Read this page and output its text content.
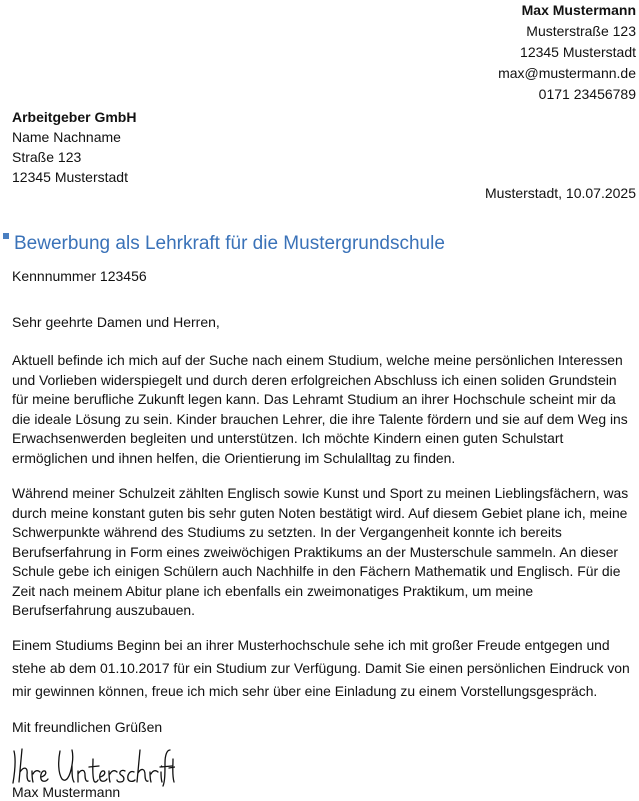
Max Mustermann
Musterstraße 123
12345 Musterstadt
max@mustermann.de
0171 23456789
Arbeitgeber GmbH
Name Nachname
Straße 123
12345 Musterstadt
Musterstadt, 10.07.2025
Bewerbung als Lehrkraft für die Mustergrundschule
Kennnummer 123456
Sehr geehrte Damen und Herren,
Aktuell befinde ich mich auf der Suche nach einem Studium, welche meine persönlichen Interessen und Vorlieben widerspiegelt und durch deren erfolgreichen Abschluss ich einen soliden Grundstein für meine berufliche Zukunft legen kann. Das Lehramt Studium an ihrer Hochschule scheint mir da die ideale Lösung zu sein. Kinder brauchen Lehrer, die ihre Talente fördern und sie auf dem Weg ins Erwachsenwerden begleiten und unterstützen. Ich möchte Kindern einen guten Schulstart ermöglichen und ihnen helfen, die Orientierung im Schulalltag zu finden.
Während meiner Schulzeit zählten Englisch sowie Kunst und Sport zu meinen Lieblingsfächern, was durch meine konstant guten bis sehr guten Noten bestätigt wird. Auf diesem Gebiet plane ich, meine Schwerpunkte während des Studiums zu setzten. In der Vergangenheit konnte ich bereits Berufserfahrung in Form eines zweiwöchigen Praktikums an der Musterschule sammeln. An dieser Schule gebe ich einigen Schülern auch Nachhilfe in den Fächern Mathematik und Englisch. Für die Zeit nach meinem Abitur plane ich ebenfalls ein zweimonatiges Praktikum, um meine Berufserfahrung auszubauen.
Einem Studiums Beginn bei an ihrer Musterhochschule sehe ich mit großer Freude entgegen und stehe ab dem 01.10.2017 für ein Studium zur Verfügung. Damit Sie einen persönlichen Eindruck von mir gewinnen können, freue ich mich sehr über eine Einladung zu einem Vorstellungsgespräch.
Mit freundlichen Grüßen
Max Mustermann
